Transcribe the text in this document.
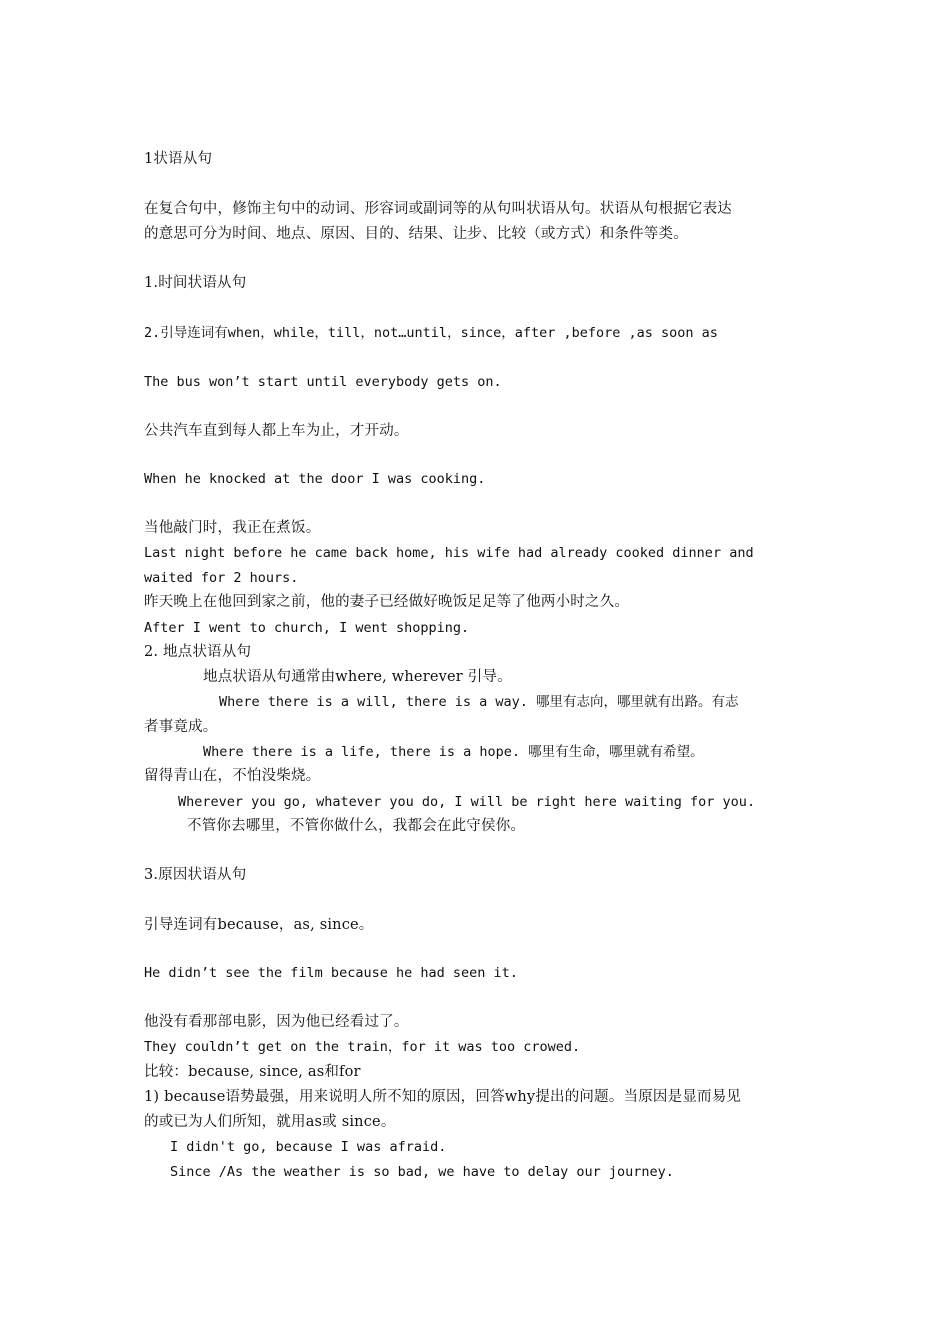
1状语从句
在复合句中，修饰主句中的动词、形容词或副词等的从句叫状语从句。状语从句根据它表达
的意思可分为时间、地点、原因、目的、结果、让步、比较（或方式）和条件等类。
1.时间状语从句
2.引导连词有when，while，till，not…until，since，after ,before ,as soon as
The bus won’t start until everybody gets on.
公共汽车直到每人都上车为止，才开动。
When he knocked at the door I was cooking.
当他敲门时，我正在煮饭。
Last night before he came back home, his wife had already cooked dinner and
waited for 2 hours.
昨天晚上在他回到家之前，他的妻子已经做好晚饭足足等了他两小时之久。
After I went to church, I went shopping.
2. 地点状语从句
地点状语从句通常由where, wherever 引导。
Where there is a will, there is a way. 哪里有志向，哪里就有出路。有志
者事竟成。
Where there is a life, there is a hope. 哪里有生命，哪里就有希望。
留得青山在，不怕没柴烧。
Wherever you go, whatever you do, I will be right here waiting for you.
不管你去哪里，不管你做什么，我都会在此守侯你。
3.原因状语从句
引导连词有because，as, since。
He didn’t see the film because he had seen it.
他没有看那部电影，因为他已经看过了。
They couldn’t get on the train，for it was too crowed.
比较：because, since, as和for
1) because语势最强，用来说明人所不知的原因，回答why提出的问题。当原因是显而易见
的或已为人们所知，就用as或 since。
I didn't go, because I was afraid.
Since /As the weather is so bad, we have to delay our journey.
